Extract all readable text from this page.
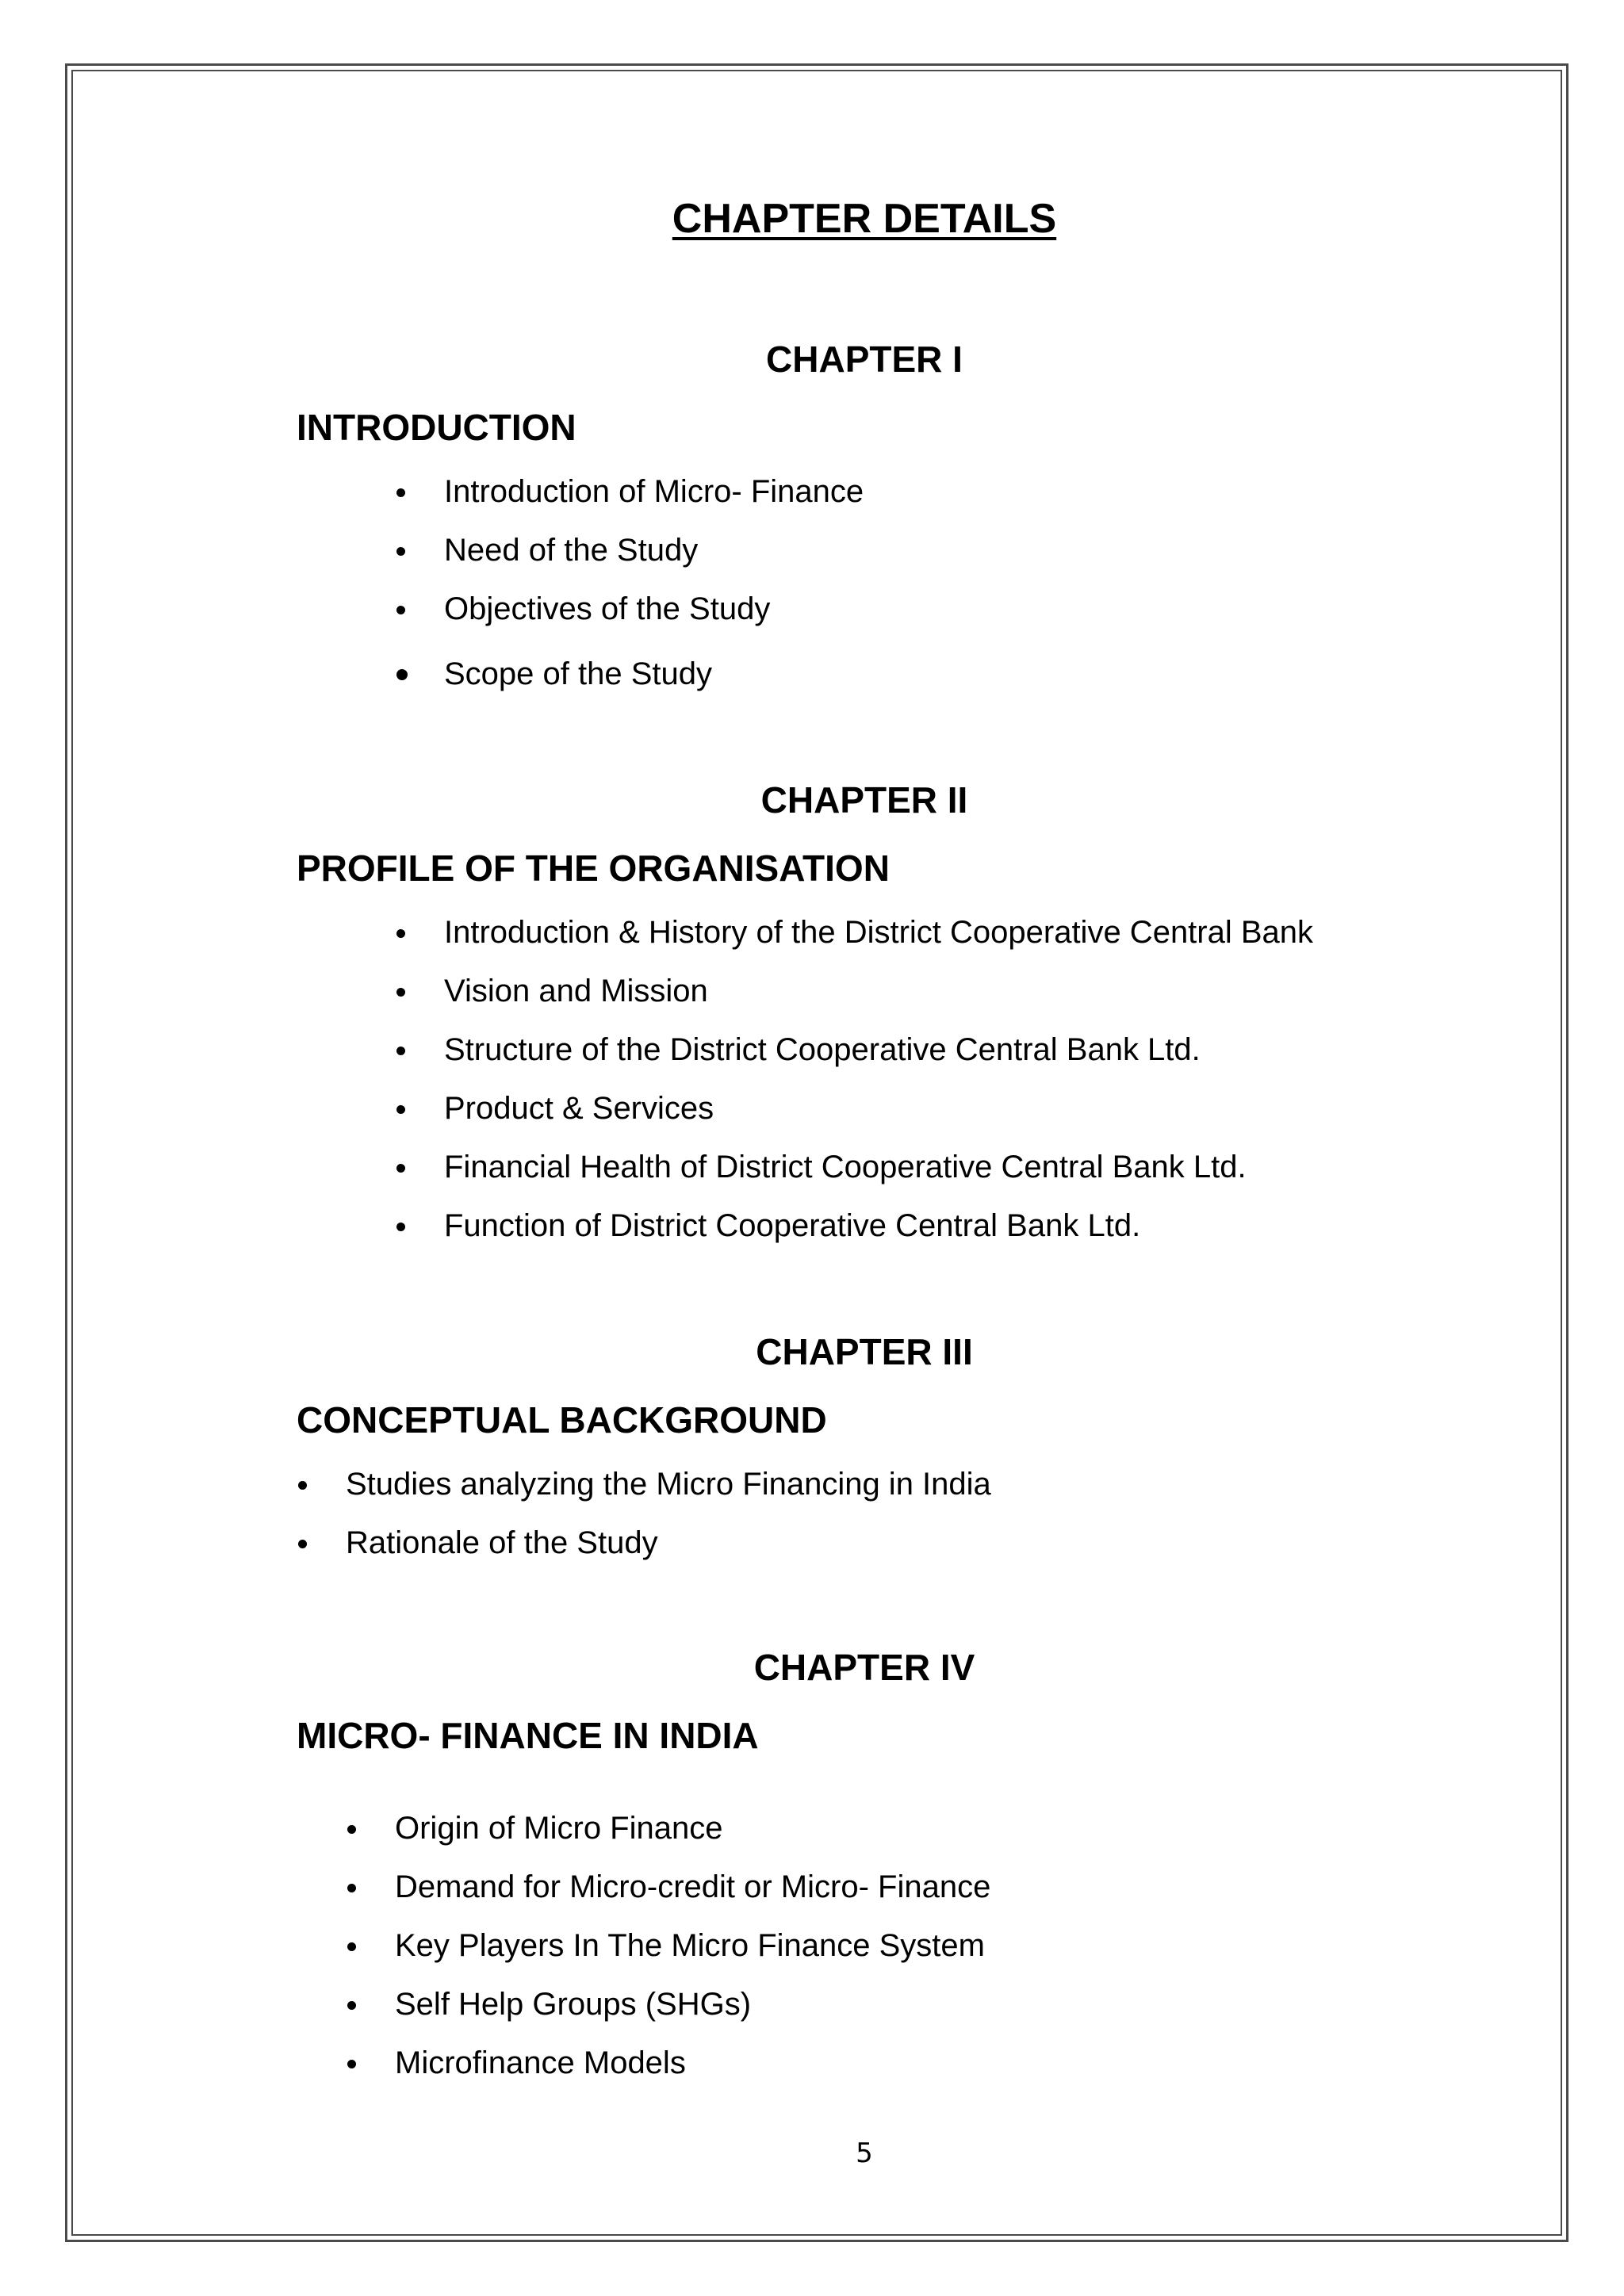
CHAPTER DETAILS
CHAPTER I
INTRODUCTION
Introduction of Micro- Finance
Need of the Study
Objectives of the Study
Scope of the Study
CHAPTER II
PROFILE OF THE ORGANISATION
Introduction & History of the District Cooperative Central Bank
Vision and Mission
Structure of the District Cooperative Central Bank Ltd.
Product & Services
Financial Health of District Cooperative Central Bank Ltd.
Function of District Cooperative Central Bank Ltd.
CHAPTER III
CONCEPTUAL BACKGROUND
Studies analyzing the Micro Financing in India
Rationale of the Study
CHAPTER IV
MICRO- FINANCE IN INDIA
Origin of Micro Finance
Demand for Micro-credit or Micro- Finance
Key Players In The Micro Finance System
Self Help Groups (SHGs)
Microfinance Models
5
